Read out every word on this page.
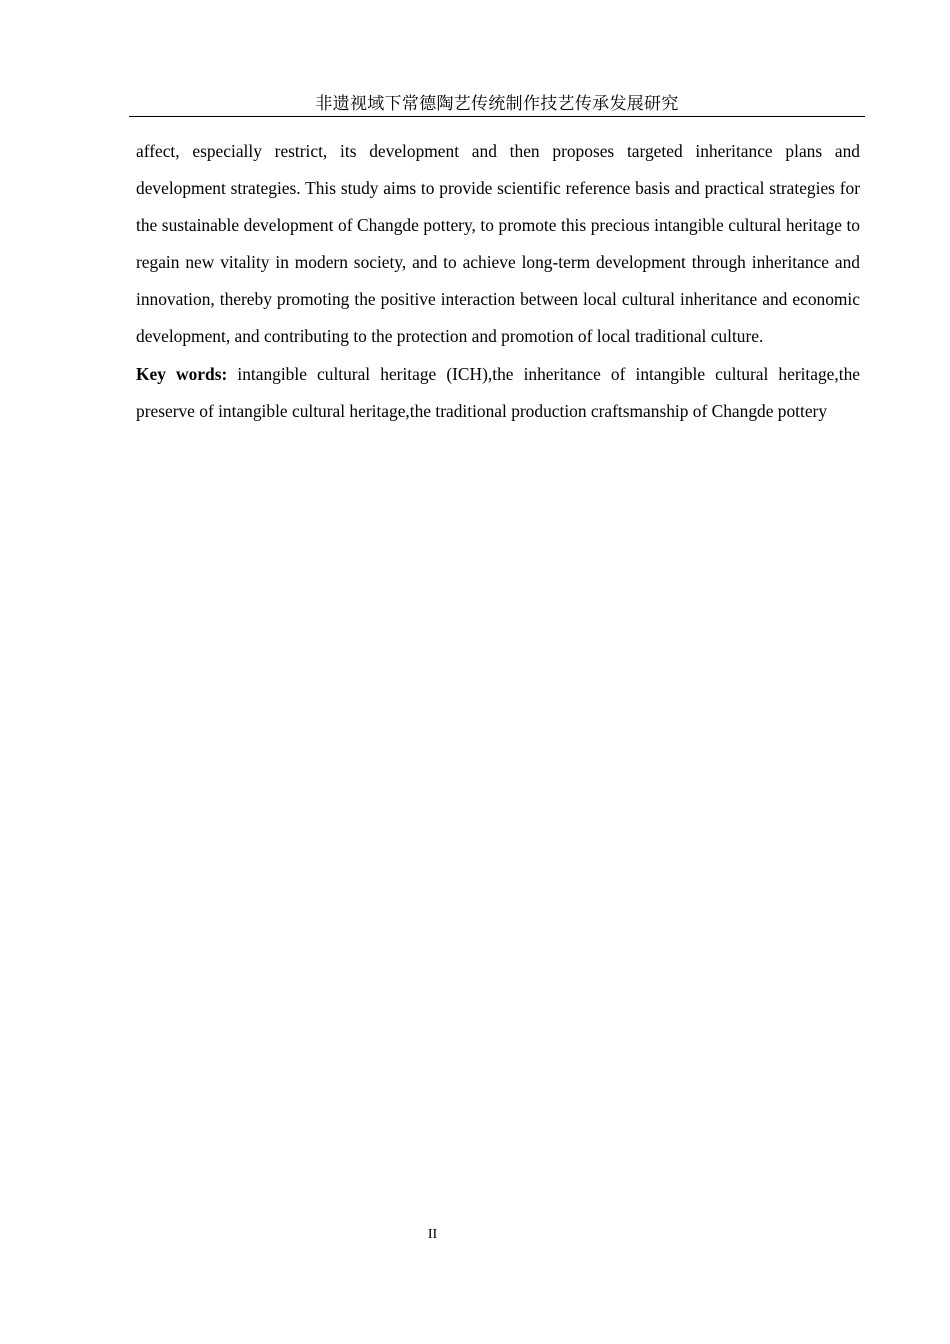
非遗视域下常德陶艺传统制作技艺传承发展研究

affect, especially restrict, its development and then proposes targeted inheritance plans and development strategies. This study aims to provide scientific reference basis and practical strategies for the sustainable development of Changde pottery, to promote this precious intangible cultural heritage to regain new vitality in modern society, and to achieve long-term development through inheritance and innovation, thereby promoting the positive interaction between local cultural inheritance and economic development, and contributing to the protection and promotion of local traditional culture.

Key words: intangible cultural heritage (ICH),the inheritance of intangible cultural heritage,the preserve of intangible cultural heritage,the traditional production craftsmanship of Changde pottery

II
